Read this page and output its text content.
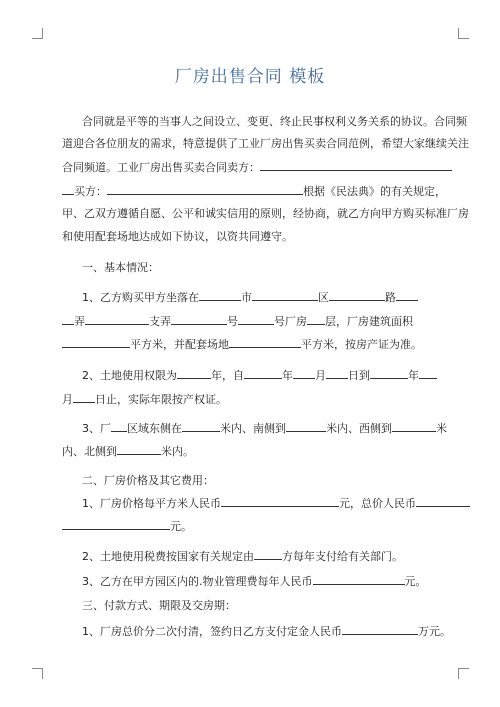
厂房出售合同 模板
合同就是平等的当事人之间设立、变更、终止民事权利义务关系的协议。合同频
道迎合各位朋友的需求，特意提供了工业厂房出售买卖合同范例，希望大家继续关注
合同频道。工业厂房出售买卖合同卖方：
买方：	根据《民法典》的有关规定，
甲、乙双方遵循自愿、公平和诚实信用的原则，经协商，就乙方向甲方购买标准厂房
和使用配套场地达成如下协议，以资共同遵守。
一、基本情况：
1、乙方购买甲方坐落在	市	区	路
弄	支弄	号	号厂房 层，厂房建筑面积
平方米，并配套场地	平方米，按房产证为准。
2、土地使用权限为	年，自	年 月 日到	年
月 日止，实际年限按产权证。
3、厂 区域东侧在	米内、南侧到	米内、西侧到	米
内、北侧到	米内。
二、厂房价格及其它费用：
1、厂房价格每平方米人民币	元，总价人民币
元。
2、土地使用税费按国家有关规定由	方每年支付给有关部门。
3、乙方在甲方园区内的.物业管理费每年人民币	元。
三、付款方式、期限及交房期：
1、厂房总价分二次付清，签约日乙方支付定金人民币	万元。
